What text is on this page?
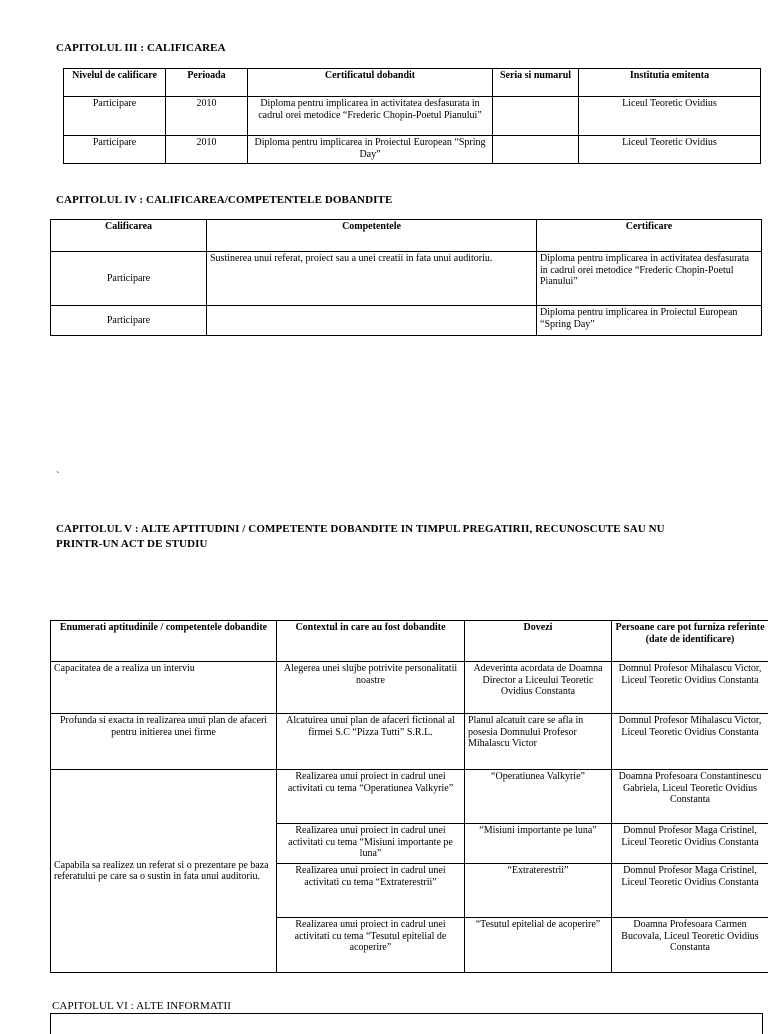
CAPITOLUL III : CALIFICAREA
Nivelul de calificare	Perioada	Certificatul dobandit	Seria si numarul	Institutia emitenta
Participare	2010	Diploma pentru implicarea in activitatea desfasurata in cadrul orei metodice “Frederic Chopin-Poetul Pianului”		Liceul Teoretic Ovidius
Participare	2010	Diploma pentru implicarea in Proiectul European “Spring Day”		Liceul Teoretic Ovidius
CAPITOLUL IV : CALIFICAREA/COMPETENTELE DOBANDITE
Calificarea	Competentele	Certificare
Participare	Sustinerea unui referat, proiect sau a unei creatii in fata unui auditoriu.	Diploma pentru implicarea in activitatea desfasurata in cadrul orei metodice “Frederic Chopin-Poetul Pianului”
Participare		Diploma pentru implicarea in Proiectul European “Spring Day”
`
CAPITOLUL V : ALTE APTITUDINI / COMPETENTE DOBANDITE IN TIMPUL PREGATIRII, RECUNOSCUTE SAU NU
PRINTR-UN ACT DE STUDIU
Enumerati aptitudinile / competentele dobandite	Contextul in care au fost dobandite	Dovezi	Persoane care pot furniza referinte (date de identificare)
Capacitatea de a realiza un interviu	Alegerea unei slujbe potrivite personalitatii noastre	Adeverinta acordata de Doamna Director a Liceului Teoretic Ovidius Constanta	Domnul Profesor Mihalascu Victor, Liceul Teoretic Ovidius Constanta
Profunda si exacta in realizarea unui plan de afaceri pentru initierea unei firme	Alcatuirea unui plan de afaceri fictional al firmei S.C “Pizza Tutti” S.R.L.	Planul alcatuit care se afla in posesia Domnului Profesor Mihalascu Victor	Domnul Profesor Mihalascu Victor, Liceul Teoretic Ovidius Constanta
Capabila sa realizez un referat si o prezentare pe baza referatului pe care sa o sustin in fata unui auditoriu.	Realizarea unui proiect in cadrul unei activitati cu tema “Operatiunea Valkyrie”	“Operatiunea Valkyrie”	Doamna Profesoara Constantinescu Gabriela, Liceul Teoretic Ovidius Constanta
	Realizarea unui proiect in cadrul unei activitati cu tema “Misiuni importante pe luna”	“Misiuni importante pe luna”	Domnul Profesor Maga Cristinel, Liceul Teoretic Ovidius Constanta
	Realizarea unui proiect in cadrul unei activitati cu tema “Extraterestrii”	“Extraterestrii”	Domnul Profesor Maga Cristinel, Liceul Teoretic Ovidius Constanta
	Realizarea unui proiect in cadrul unei activitati cu tema “Tesutul epitelial de acoperire”	“Tesutul epitelial de acoperire”	Doamna Profesoara Carmen Bucovala, Liceul Teoretic Ovidius Constanta
CAPITOLUL VI : ALTE INFORMATII
